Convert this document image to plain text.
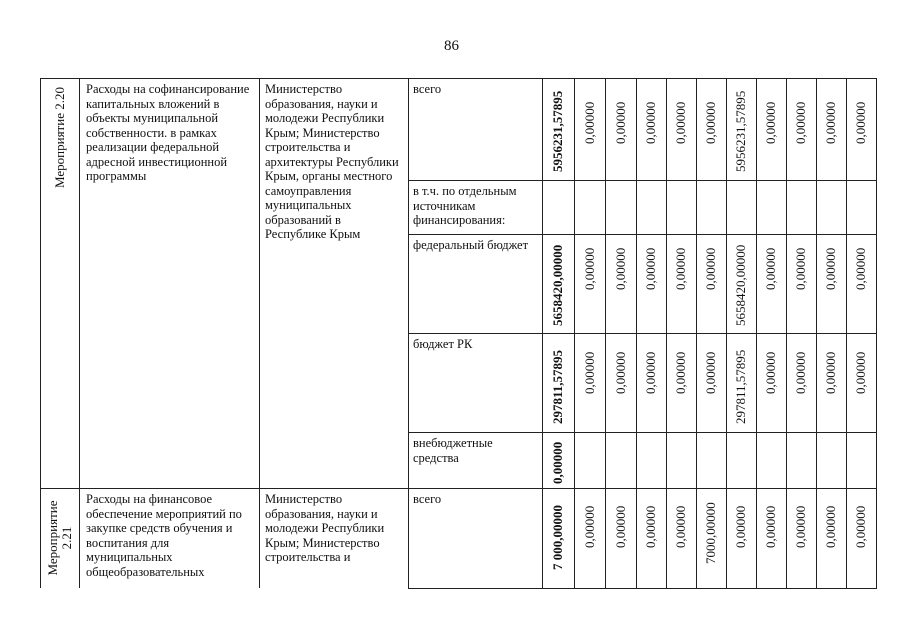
86
Мероприятие 2.20 Расходы на софинансирование капитальных вложений в объекты муниципальной собственности. в рамках реализации федеральной адресной инвестиционной программы
Министерство образования, науки и молодежи Республики Крым; Министерство строительства и архитектуры Республики Крым, органы местного самоуправления муниципальных образований в Республике Крым
всего
в т.ч. по отдельным источникам финансирования:
федеральный бюджет
бюджет РК
внебюджетные средства
5956231,57895 0,00000 0,00000 0,00000 0,00000 0,00000 5956231,57895 0,00000 0,00000 0,00000 0,00000
5658420,00000 0,00000 0,00000 0,00000 0,00000 0,00000 5658420,00000 0,00000 0,00000 0,00000 0,00000
297811,57895 0,00000 0,00000 0,00000 0,00000 0,00000 297811,57895 0,00000 0,00000 0,00000 0,00000
0,00000
Мероприятие 2.21
Расходы на финансовое обеспечение мероприятий по закупке средств обучения и воспитания для муниципальных общеобразовательных
Министерство образования, науки и молодежи Республики Крым; Министерство строительства и
всего
7 000,00000 0,00000 0,00000 0,00000 0,00000 7000,00000 0,00000 0,00000 0,00000 0,00000 0,00000
